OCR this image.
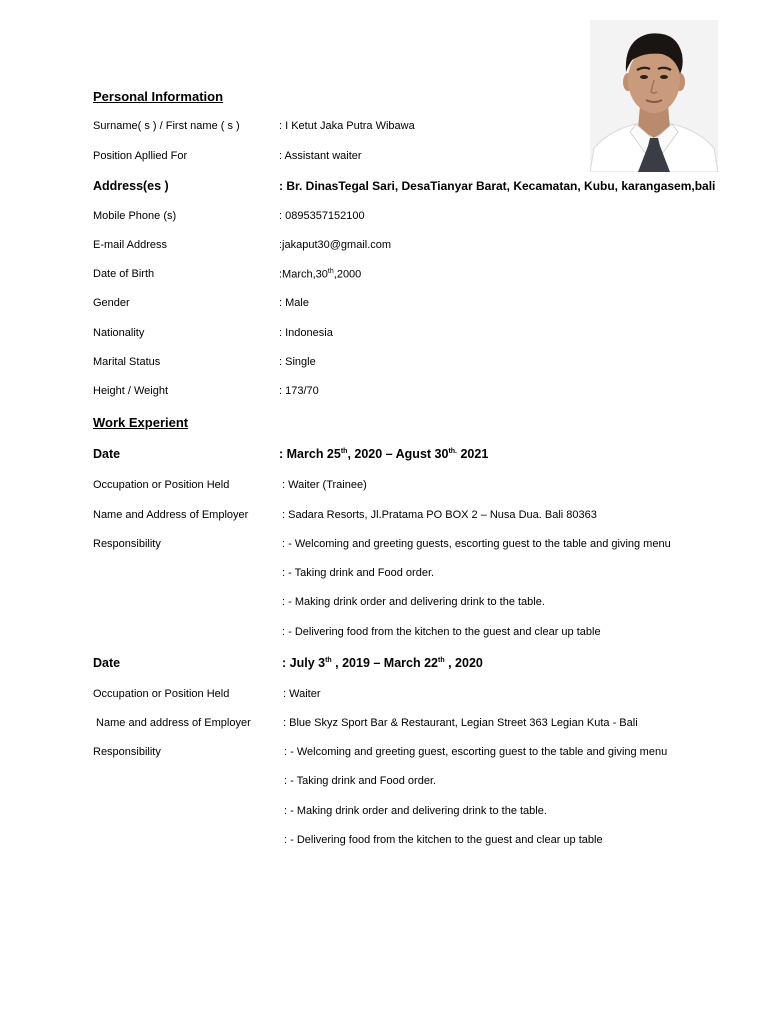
Personal Information
Surname( s ) / First name ( s )	: I Ketut Jaka Putra Wibawa
Position Apllied For	: Assistant waiter
Address(es )	: Br. DinasTegal Sari, DesaTianyar Barat, Kecamatan, Kubu, karangasem,bali
Mobile Phone (s)	: 0895357152100
E-mail Address	:jakaput30@gmail.com
Date of Birth	:March,30th,2000
Gender	: Male
Nationality	: Indonesia
Marital Status	: Single
Height / Weight	: 173/70
Work Experient
Date	: March 25th, 2020 – Agust $30^{th.}$ 2021
Occupation or Position Held	: Waiter (Trainee)
Name and Address of Employer	: Sadara Resorts, Jl.Pratama PO BOX 2 – Nusa Dua. Bali 80363
Responsibility	: - Welcoming and greeting guests, escorting guest to the table and giving menu
: - Taking drink and Food order.
: - Making drink order and delivering drink to the table.
: - Delivering food from the kitchen to the guest and clear up table
Date	: July 3th , 2019 – March 22th , 2020
Occupation or Position Held	: Waiter
Name and address of Employer	: Blue Skyz Sport Bar & Restaurant, Legian Street 363 Legian Kuta - Bali
Responsibility	: - Welcoming and greeting guest, escorting guest to the table and giving menu
: - Taking drink and Food order.
: - Making drink order and delivering drink to the table.
: - Delivering food from the kitchen to the guest and clear up table
